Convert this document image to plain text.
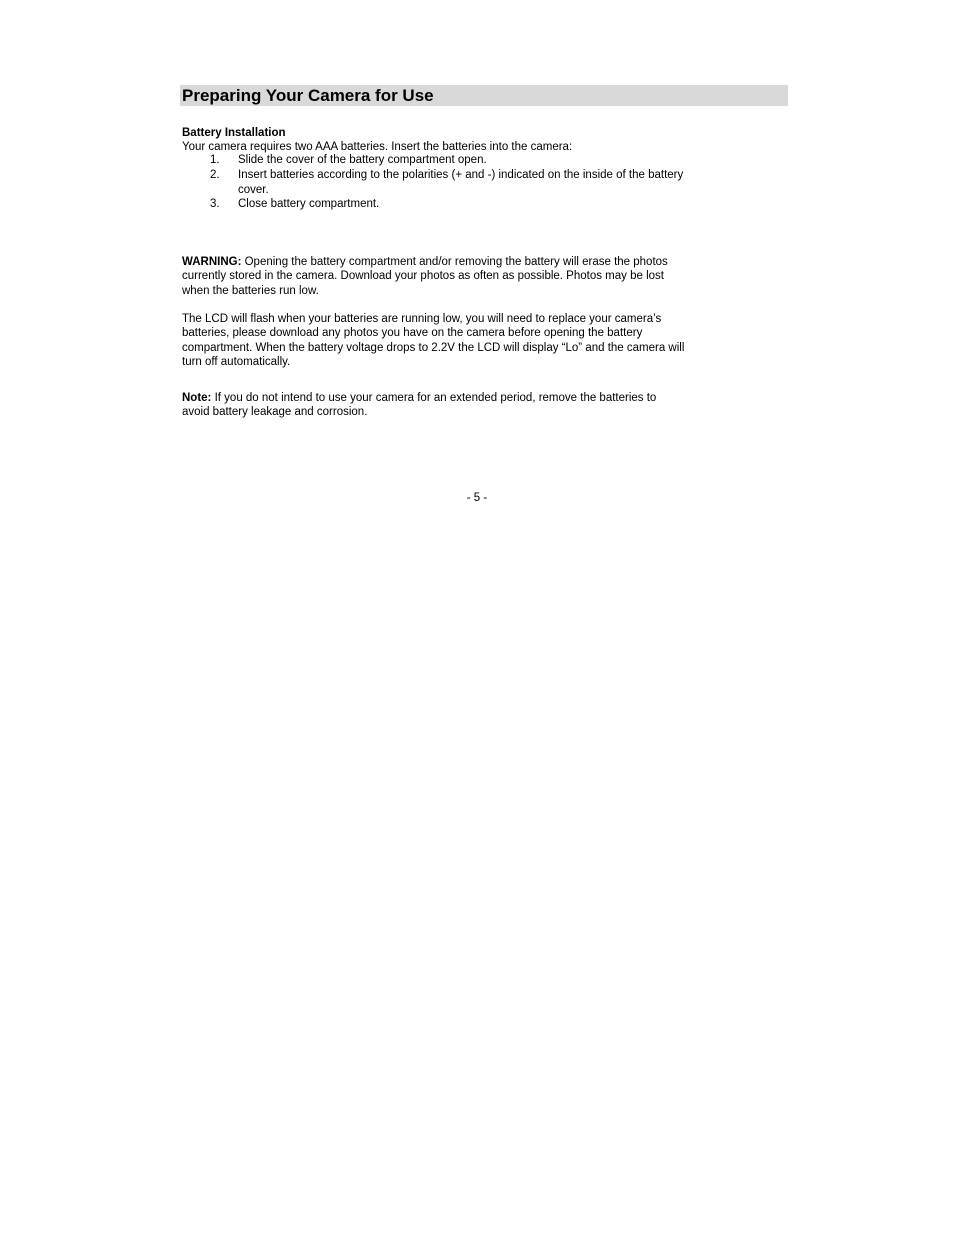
Preparing Your Camera for Use
Battery Installation
Your camera requires two AAA batteries. Insert the batteries into the camera:
1. Slide the cover of the battery compartment open.
2. Insert batteries according to the polarities (+ and -) indicated on the inside of the battery
cover.
3. Close battery compartment.
WARNING: Opening the battery compartment and/or removing the battery will erase the photos
currently stored in the camera. Download your photos as often as possible. Photos may be lost
when the batteries run low.
The LCD will flash when your batteries are running low, you will need to replace your camera’s
batteries, please download any photos you have on the camera before opening the battery
compartment. When the battery voltage drops to 2.2V the LCD will display “Lo” and the camera will
turn off automatically.
Note: If you do not intend to use your camera for an extended period, remove the batteries to
avoid battery leakage and corrosion.
- 5 -
